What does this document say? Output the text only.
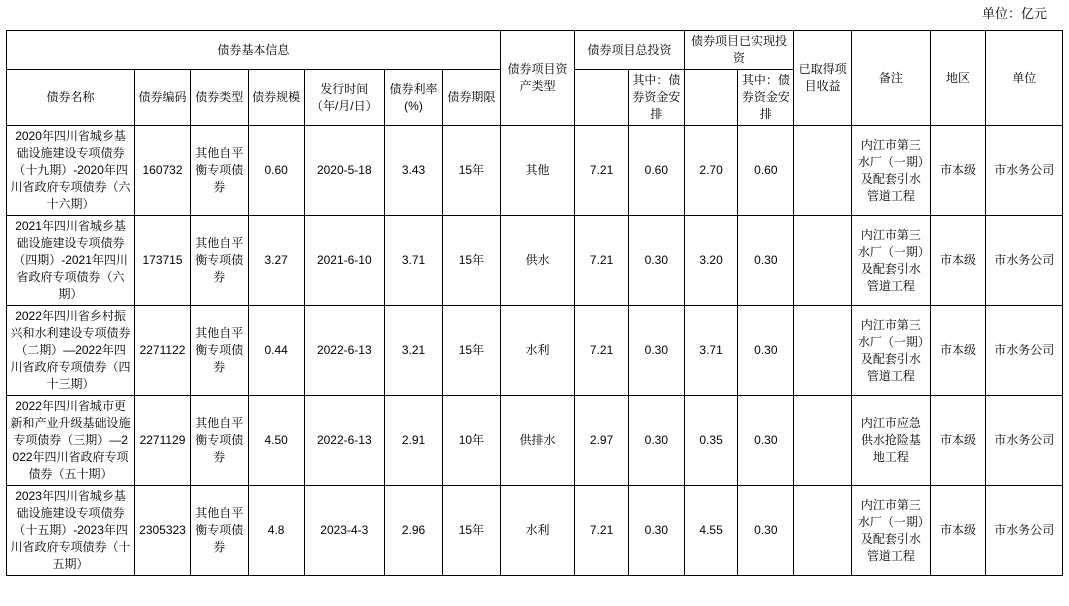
单位：亿元
债券基本信息							债券项目资产类型	债券项目总投资		债券项目已实现投资		已取得项目收益	备注	地区	单位
债券名称	债券编码	债券类型	债券规模	发行时间（年/月/日）	债券利率(%)	债券期限			其中：债券资金安排		其中：债券资金安排				
2020年四川省城乡基础设施建设专项债券（十九期）-2020年四川省政府专项债券（六十六期）	160732	其他自平衡专项债券	0.60	2020-5-18	3.43	15年	其他	7.21	0.60	2.70	0.60		内江市第三水厂（一期）及配套引水管道工程	市本级	市水务公司
2021年四川省城乡基础设施建设专项债券（四期）-2021年四川省政府专项债券（六期）	173715	其他自平衡专项债券	3.27	2021-6-10	3.71	15年	供水	7.21	0.30	3.20	0.30		内江市第三水厂（一期）及配套引水管道工程	市本级	市水务公司
2022年四川省乡村振兴和水利建设专项债券（二期）—2022年四川省政府专项债券（四十三期）	2271122	其他自平衡专项债券	0.44	2022-6-13	3.21	15年	水利	7.21	0.30	3.71	0.30		内江市第三水厂（一期）及配套引水管道工程	市本级	市水务公司
2022年四川省城市更新和产业升级基础设施专项债券（三期）—2022年四川省政府专项债券（五十期）	2271129	其他自平衡专项债券	4.50	2022-6-13	2.91	10年	供排水	2.97	0.30	0.35	0.30		内江市应急供水抢险基地工程	市本级	市水务公司
2023年四川省城乡基础设施建设专项债券（十五期）-2023年四川省政府专项债券（十五期）	2305323	其他自平衡专项债券	4.8	2023-4-3	2.96	15年	水利	7.21	0.30	4.55	0.30		内江市第三水厂（一期）及配套引水管道工程	市本级	市水务公司
